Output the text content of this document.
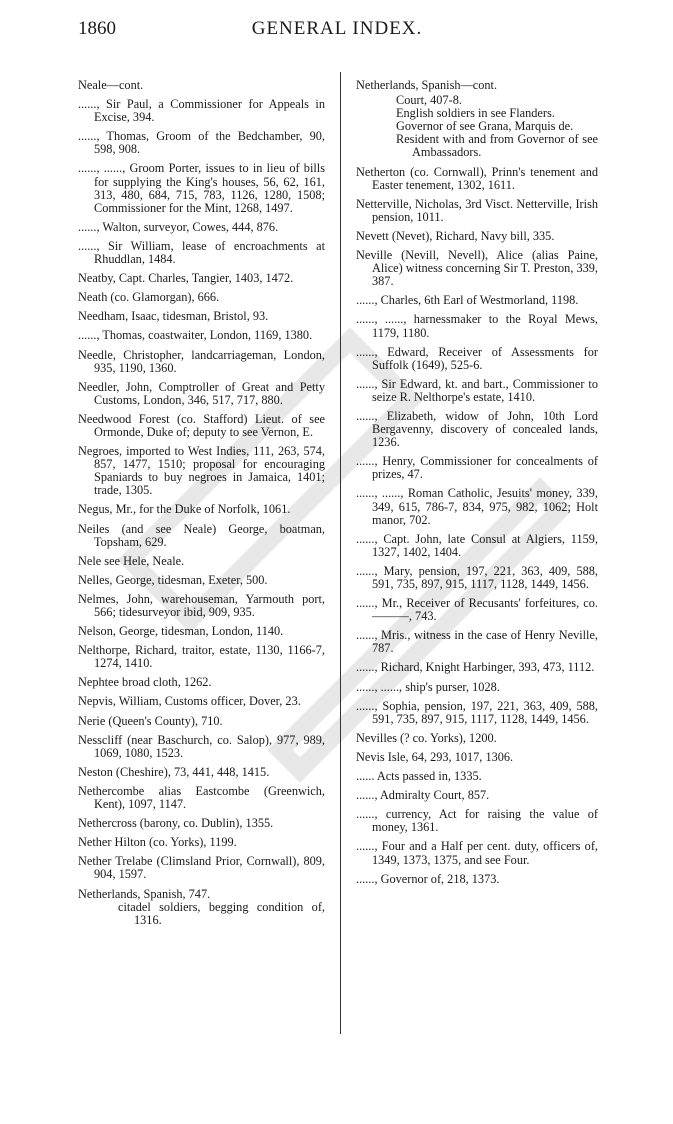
1860	GENERAL INDEX.
Neale—cont.
......, Sir Paul, a Commissioner for Appeals in Excise, 394.
......, Thomas, Groom of the Bedchamber, 90, 598, 908.
......, ......, Groom Porter, issues to in lieu of bills for supplying the King's houses, 56, 62, 161, 313, 480, 684, 715, 783, 1126, 1280, 1508; Commissioner for the Mint, 1268, 1497.
......, Walton, surveyor, Cowes, 444, 876.
......, Sir William, lease of encroachments at Rhuddlan, 1484.
Neatby, Capt. Charles, Tangier, 1403, 1472.
Neath (co. Glamorgan), 666.
Needham, Isaac, tidesman, Bristol, 93.
......, Thomas, coastwaiter, London, 1169, 1380.
Needle, Christopher, landcarriageman, London, 935, 1190, 1360.
Needler, John, Comptroller of Great and Petty Customs, London, 346, 517, 717, 880.
Needwood Forest (co. Stafford) Lieut. of see Ormonde, Duke of; deputy to see Vernon, E.
Negroes, imported to West Indies, 111, 263, 574, 857, 1477, 1510; proposal for encouraging Spaniards to buy negroes in Jamaica, 1401; trade, 1305.
Negus, Mr., for the Duke of Norfolk, 1061.
Neiles (and see Neale) George, boatman, Topsham, 629.
Nele see Hele, Neale.
Nelles, George, tidesman, Exeter, 500.
Nelmes, John, warehouseman, Yarmouth port, 566; tidesurveyor ibid, 909, 935.
Nelson, George, tidesman, London, 1140.
Nelthorpe, Richard, traitor, estate, 1130, 1166-7, 1274, 1410.
Nephtee broad cloth, 1262.
Nepvis, William, Customs officer, Dover, 23.
Nerie (Queen's County), 710.
Nesscliff (near Baschurch, co. Salop), 977, 989, 1069, 1080, 1523.
Neston (Cheshire), 73, 441, 448, 1415.
Nethercombe alias Eastcombe (Greenwich, Kent), 1097, 1147.
Nethercross (barony, co. Dublin), 1355.
Nether Hilton (co. Yorks), 1199.
Nether Trelabe (Climsland Prior, Cornwall), 809, 904, 1597.
Netherlands, Spanish, 747.
citadel soldiers, begging condition of, 1316.
Netherlands, Spanish—cont.
Court, 407-8.
English soldiers in see Flanders.
Governor of see Grana, Marquis de.
Resident with and from Governor of see Ambassadors.
Netherton (co. Cornwall), Prinn's tenement and Easter tenement, 1302, 1611.
Netterville, Nicholas, 3rd Visct. Netterville, Irish pension, 1011.
Nevett (Nevet), Richard, Navy bill, 335.
Neville (Nevill, Nevell), Alice (alias Paine, Alice) witness concerning Sir T. Preston, 339, 387.
......, Charles, 6th Earl of Westmorland, 1198.
......, ......, harnessmaker to the Royal Mews, 1179, 1180.
......, Edward, Receiver of Assessments for Suffolk (1649), 525-6.
......, Sir Edward, kt. and bart., Commissioner to seize R. Nelthorpe's estate, 1410.
......, Elizabeth, widow of John, 10th Lord Bergavenny, discovery of concealed lands, 1236.
......, Henry, Commissioner for concealments of prizes, 47.
......, ......, Roman Catholic, Jesuits' money, 339, 349, 615, 786-7, 834, 975, 982, 1062; Holt manor, 702.
......, Capt. John, late Consul at Algiers, 1159, 1327, 1402, 1404.
......, Mary, pension, 197, 221, 363, 409, 588, 591, 735, 897, 915, 1117, 1128, 1449, 1456.
......, Mr., Receiver of Recusants' forfeitures, co. ———, 743.
......, Mris., witness in the case of Henry Neville, 787.
......, Richard, Knight Harbinger, 393, 473, 1112.
......, ......, ship's purser, 1028.
......, Sophia, pension, 197, 221, 363, 409, 588, 591, 735, 897, 915, 1117, 1128, 1449, 1456.
Nevilles (? co. Yorks), 1200.
Nevis Isle, 64, 293, 1017, 1306.
...... Acts passed in, 1335.
......, Admiralty Court, 857.
......, currency, Act for raising the value of money, 1361.
......, Four and a Half per cent. duty, officers of, 1349, 1373, 1375, and see Four.
......, Governor of, 218, 1373.
